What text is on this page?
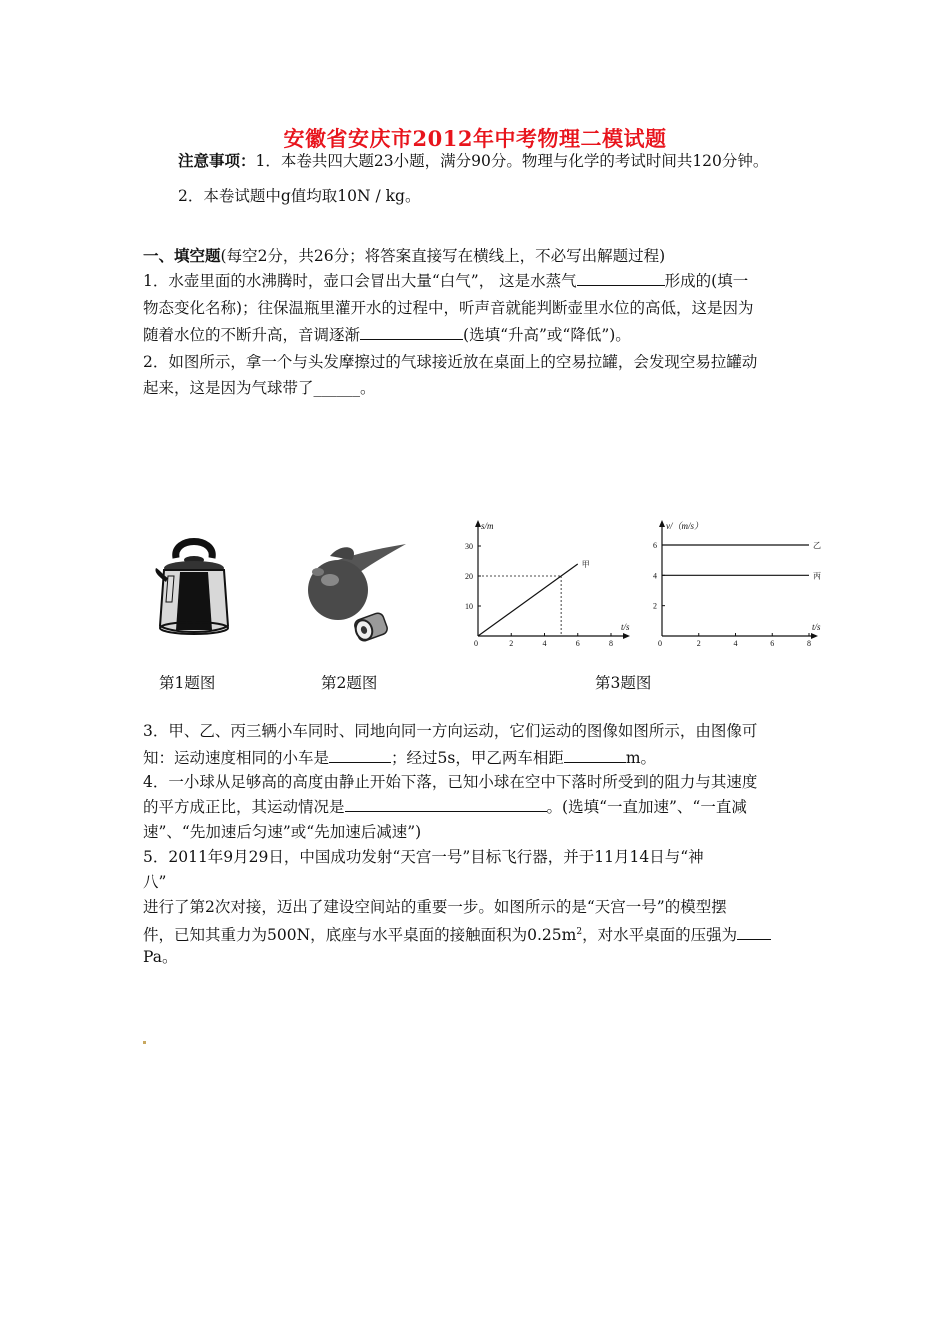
安徽省安庆市2012年中考物理二模试题
注意事项：1．本卷共四大题23小题，满分90分。物理与化学的考试时间共120分钟。
2．本卷试题中g值均取10N / kg。
一、填空题(每空2分，共26分；将答案直接写在横线上，不必写出解题过程)
1．水壶里面的水沸腾时，壶口会冒出大量“白气”， 这是水蒸气	形成的(填一
物态变化名称)；往保温瓶里灌开水的过程中，听声音就能判断壶里水位的高低，这是因为
随着水位的不断升高，音调逐渐	(选填“升高”或“降低”)。
2．如图所示，拿一个与头发摩擦过的气球接近放在桌面上的空易拉罐，会发现空易拉罐动
起来，这是因为气球带了______。
s/m
t/s
0	2	4	6	8
10
20
30
甲
v/（m/s）
t/s
0	2	4	6	8
2
4
6	乙
丙
第1题图	第2题图	第3题图
3．甲、乙、丙三辆小车同时、同地向同一方向运动，它们运动的图像如图所示，由图像可
知：运动速度相同的小车是	；经过5s，甲乙两车相距	m。
4．一小球从足够高的高度由静止开始下落，已知小球在空中下落时所受到的阻力与其速度
的平方成正比，其运动情况是	。(选填“一直加速”、“一直减
速”、“先加速后匀速”或“先加速后减速”)
5．2011年9月29日，中国成功发射“天宫一号”目标飞行器，并于11月14日与“神
八”
进行了第2次对接，迈出了建设空间站的重要一步。如图所示的是“天宫一号”的模型摆
件，已知其重力为500N，底座与水平桌面的接触面积为$0.25m^2$，对水平桌面的压强为
Pa。
